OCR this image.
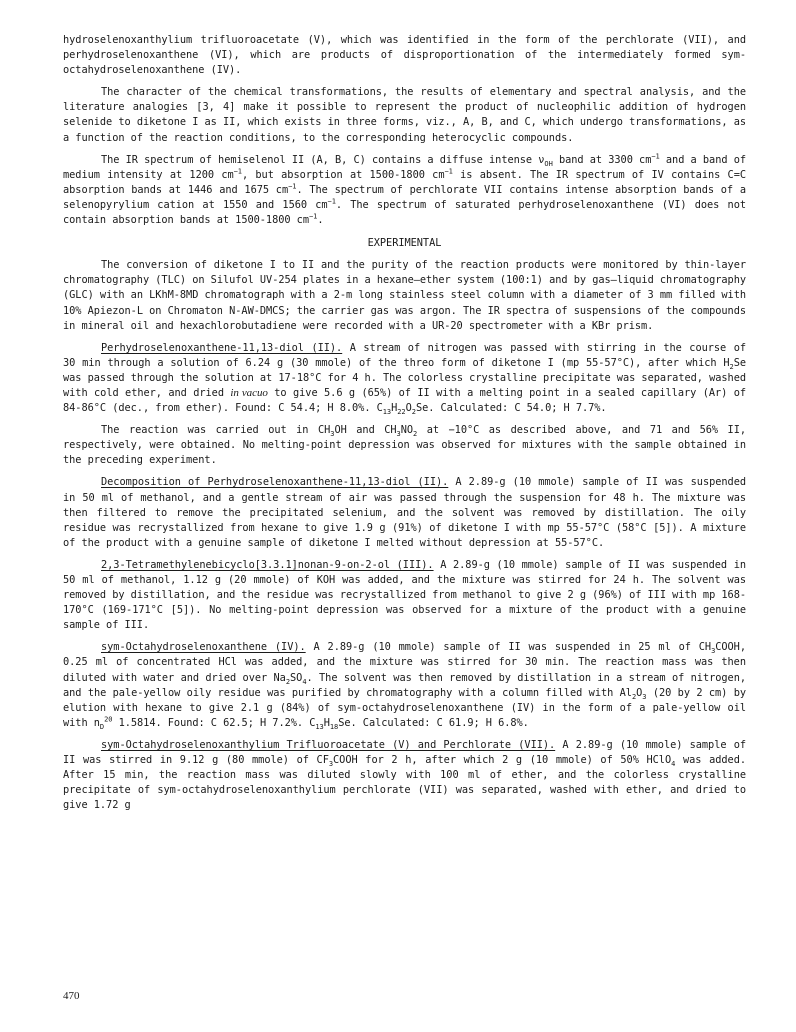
hydroselenoxanthylium trifluoroacetate (V), which was identified in the form of the perchlorate (VII), and perhydroselenoxanthene (VI), which are products of disproportionation of the intermediately formed sym-octahydroselenoxanthene (IV).

The character of the chemical transformations, the results of elementary and spectral analysis, and the literature analogies [3, 4] make it possible to represent the product of nucleophilic addition of hydrogen selenide to diketone I as II, which exists in three forms, viz., A, B, and C, which undergo transformations, as a function of the reaction conditions, to the corresponding heterocyclic compounds.

The IR spectrum of hemiselenol II (A, B, C) contains a diffuse intense $\nu_{OH}$ band at 3300 $cm^{-1}$ and a band of medium intensity at 1200 $cm^{-1}$, but absorption at 1500-1800 $cm^{-1}$ is absent. The IR spectrum of IV contains C=C absorption bands at 1446 and 1675 $cm^{-1}$. The spectrum of perchlorate VII contains intense absorption bands of a selenopyrylium cation at 1550 and 1560 $cm^{-1}$. The spectrum of saturated perhydroselenoxanthene (VI) does not contain absorption bands at 1500-1800 $cm^{-1}$.

EXPERIMENTAL

The conversion of diketone I to II and the purity of the reaction products were monitored by thin-layer chromatography (TLC) on Silufol UV-254 plates in a hexane—ether system (100:1) and by gas—liquid chromatography (GLC) with an LKhM-8MD chromatograph with a 2-m long stainless steel column with a diameter of 3 mm filled with 10% Apiezon-L on Chromaton N-AW-DMCS; the carrier gas was argon. The IR spectra of suspensions of the compounds in mineral oil and hexachlorobutadiene were recorded with a UR-20 spectrometer with a KBr prism.

Perhydroselenoxanthene-11,13-diol (II). A stream of nitrogen was passed with stirring in the course of 30 min through a solution of 6.24 g (30 mmole) of the threo form of diketone I (mp 55-57°C), after which $H_2Se$ was passed through the solution at 17-18°C for 4 h. The colorless crystalline precipitate was separated, washed with cold ether, and dried in vacuo to give 5.6 g (65%) of II with a melting point in a sealed capillary (Ar) of 84-86°C (dec., from ether). Found: C 54.4; H 8.0%. $C_{13}H_{22}O_2Se$. Calculated: C 54.0; H 7.7%.

The reaction was carried out in $CH_3OH$ and $CH_3NO_2$ at −10°C as described above, and 71 and 56% II, respectively, were obtained. No melting-point depression was observed for mixtures with the sample obtained in the preceding experiment.

Decomposition of Perhydroselenoxanthene-11,13-diol (II). A 2.89-g (10 mmole) sample of II was suspended in 50 ml of methanol, and a gentle stream of air was passed through the suspension for 48 h. The mixture was then filtered to remove the precipitated selenium, and the solvent was removed by distillation. The oily residue was recrystallized from hexane to give 1.9 g (91%) of diketone I with mp 55-57°C (58°C [5]). A mixture of the product with a genuine sample of diketone I melted without depression at 55-57°C.

2,3-Tetramethylenebicyclo[3.3.1]nonan-9-on-2-ol (III). A 2.89-g (10 mmole) sample of II was suspended in 50 ml of methanol, 1.12 g (20 mmole) of KOH was added, and the mixture was stirred for 24 h. The solvent was removed by distillation, and the residue was recrystallized from methanol to give 2 g (96%) of III with mp 168-170°C (169-171°C [5]). No melting-point depression was observed for a mixture of the product with a genuine sample of III.

sym-Octahydroselenoxanthene (IV). A 2.89-g (10 mmole) sample of II was suspended in 25 ml of $CH_3COOH$, 0.25 ml of concentrated HCl was added, and the mixture was stirred for 30 min. The reaction mass was then diluted with water and dried over $Na_2SO_4$. The solvent was then removed by distillation in a stream of nitrogen, and the pale-yellow oily residue was purified by chromatography with a column filled with $Al_2O_3$ (20 by 2 cm) by elution with hexane to give 2.1 g (84%) of sym-octahydroselenoxanthene (IV) in the form of a pale-yellow oil with $n_D^{20}$ 1.5814. Found: C 62.5; H 7.2%. $C_{13}H_{18}Se$. Calculated: C 61.9; H 6.8%.

sym-Octahydroselenoxanthylium Trifluoroacetate (V) and Perchlorate (VII). A 2.89-g (10 mmole) sample of II was stirred in 9.12 g (80 mmole) of $CF_3COOH$ for 2 h, after which 2 g (10 mmole) of 50% HClO$_4$ was added. After 15 min, the reaction mass was diluted slowly with 100 ml of ether, and the colorless crystalline precipitate of sym-octahydroselenoxanthylium perchlorate (VII) was separated, washed with ether, and dried to give 1.72 g

470
